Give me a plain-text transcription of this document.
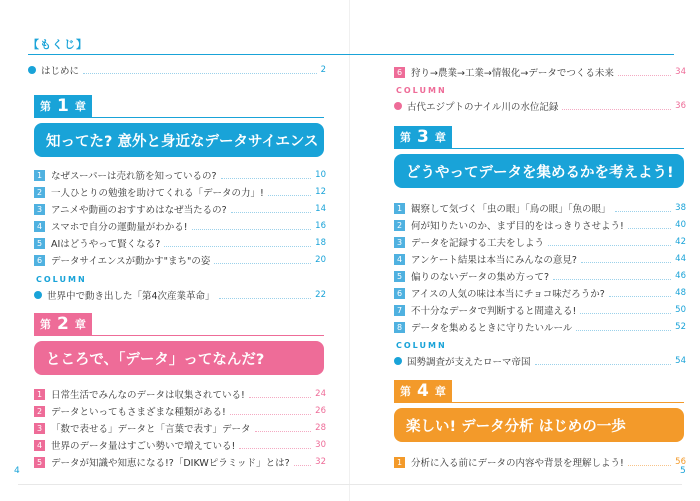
【もくじ】
はじめに	2
第 1 章
知ってた? 意外と身近なデータサイエンス
1 なぜスーパーは売れ筋を知っているの?	10
2 一人ひとりの勉強を助けてくれる「データの力」!	12
3 アニメや動画のおすすめはなぜ当たるの?	14
4 スマホで自分の運動量がわかる!	16
5 AIはどうやって賢くなる?	18
6 データサイエンスが動かす"まち"の姿	20
COLUMN
世界中で動き出した「第4次産業革命」	22
第 2 章
ところで、「データ」ってなんだ?
1 日常生活でみんなのデータは収集されている!	24
2 データといってもさまざまな種類がある!	26
3 「数で表せる」データと「言葉で表す」データ	28
4 世界のデータ量はすごい勢いで増えている!	30
5 データが知識や知恵になる!?「DIKWピラミッド」とは?	32
4
6 狩り→農業→工業→情報化→データでつくる未来	34
COLUMN
古代エジプトのナイル川の水位記録	36
第 3 章
どうやってデータを集めるかを考えよう!
1 観察して気づく「虫の眼」「鳥の眼」「魚の眼」	38
2 何が知りたいのか、まず目的をはっきりさせよう!	40
3 データを記録する工夫をしよう	42
4 アンケート結果は本当にみんなの意見?	44
5 偏りのないデータの集め方って?	46
6 アイスの人気の味は本当にチョコ味だろうか?	48
7 不十分なデータで判断すると間違える!	50
8 データを集めるときに守りたいルール	52
COLUMN
国勢調査が支えたローマ帝国	54
第 4 章
楽しい! データ分析 はじめの一歩
1 分析に入る前にデータの内容や背景を理解しよう!	56
5
